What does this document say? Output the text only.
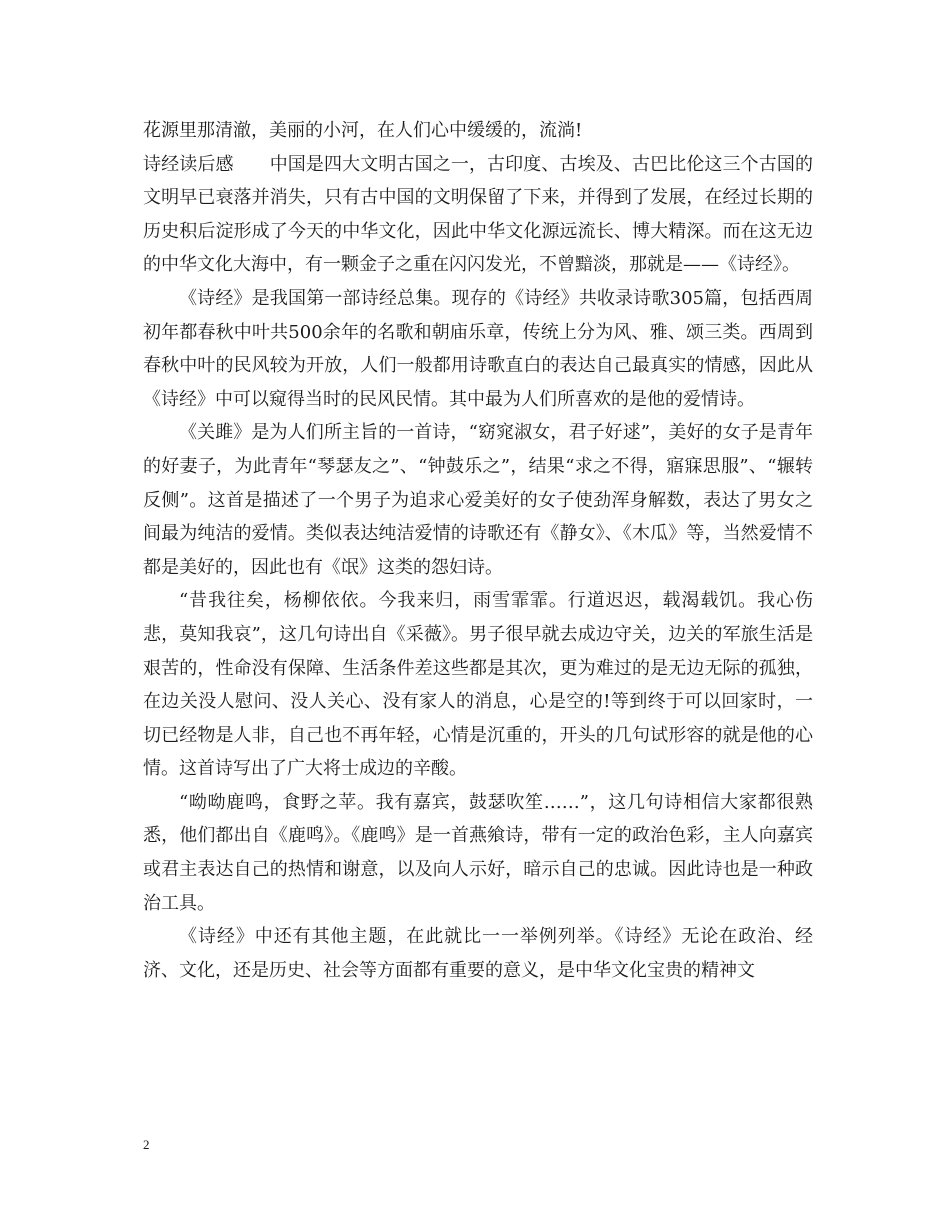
花源里那清澈，美丽的小河，在人们心中缓缓的，流淌!

诗经读后感 中国是四大文明古国之一，古印度、古埃及、古巴比伦这三个古国的文明早已衰落并消失，只有古中国的文明保留了下来，并得到了发展，在经过长期的历史积后淀形成了今天的中华文化，因此中华文化源远流长、博大精深。而在这无边的中华文化大海中，有一颗金子之重在闪闪发光，不曾黯淡，那就是——《诗经》。

《诗经》是我国第一部诗经总集。现存的《诗经》共收录诗歌305篇，包括西周初年都春秋中叶共500余年的名歌和朝庙乐章，传统上分为风、雅、颂三类。西周到春秋中叶的民风较为开放，人们一般都用诗歌直白的表达自己最真实的情感，因此从《诗经》中可以窥得当时的民风民情。其中最为人们所喜欢的是他的爱情诗。

《关雎》是为人们所主旨的一首诗，“窈窕淑女，君子好逑”，美好的女子是青年的好妻子，为此青年“琴瑟友之”、“钟鼓乐之”，结果“求之不得，寤寐思服”、“辗转反侧”。这首是描述了一个男子为追求心爱美好的女子使劲浑身解数，表达了男女之间最为纯洁的爱情。类似表达纯洁爱情的诗歌还有《静女》、《木瓜》等，当然爱情不都是美好的，因此也有《氓》这类的怨妇诗。

“昔我往矣，杨柳依依。今我来归，雨雪霏霏。行道迟迟，载渴载饥。我心伤悲，莫知我哀”，这几句诗出自《采薇》。男子很早就去成边守关，边关的军旅生活是艰苦的，性命没有保障、生活条件差这些都是其次，更为难过的是无边无际的孤独，在边关没人慰问、没人关心、没有家人的消息，心是空的!等到终于可以回家时，一切已经物是人非，自己也不再年轻，心情是沉重的，开头的几句试形容的就是他的心情。这首诗写出了广大将士成边的辛酸。

“呦呦鹿鸣，食野之苹。我有嘉宾，鼓瑟吹笙……”，这几句诗相信大家都很熟悉，他们都出自《鹿鸣》。《鹿鸣》是一首燕飨诗，带有一定的政治色彩，主人向嘉宾或君主表达自己的热情和谢意，以及向人示好，暗示自己的忠诚。因此诗也是一种政治工具。

《诗经》中还有其他主题，在此就比一一举例列举。《诗经》无论在政治、经济、文化，还是历史、社会等方面都有重要的意义，是中华文化宝贵的精神文

2
